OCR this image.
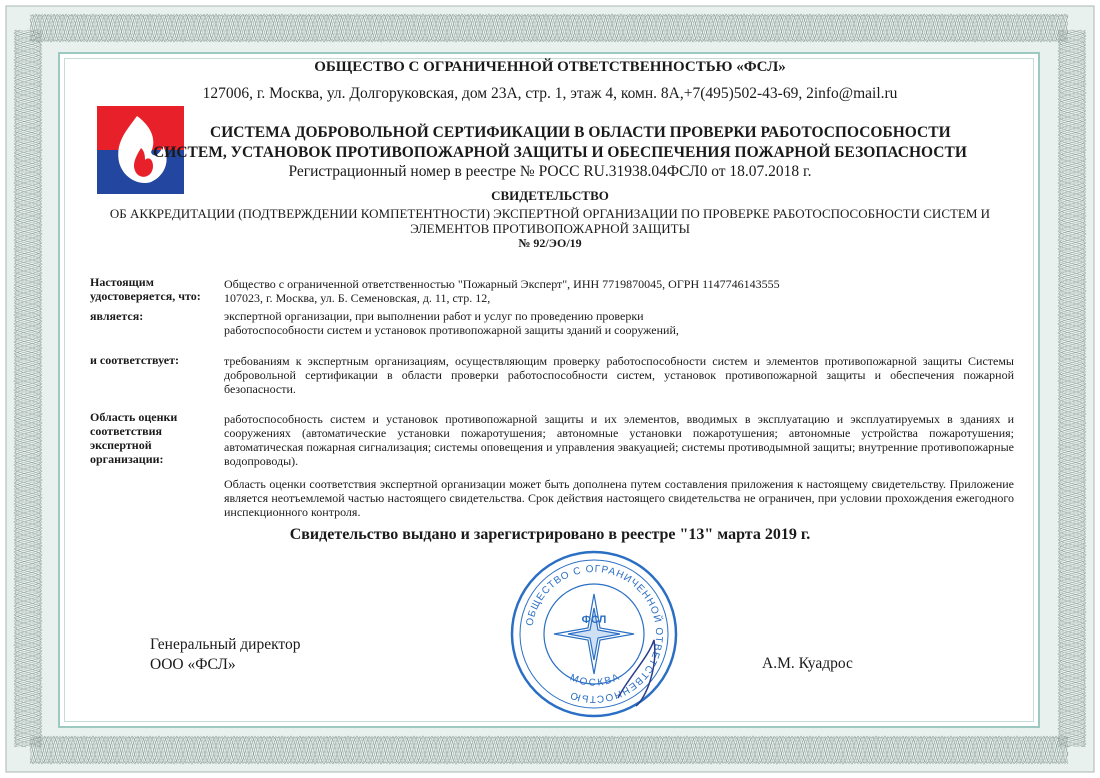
ОБЩЕСТВО С ОГРАНИЧЕННОЙ ОТВЕТСТВЕННОСТЬЮ «ФСЛ»
127006, г. Москва, ул. Долгоруковская, дом 23А, стр. 1, этаж 4, комн. 8А,+7(495)502-43-69, 2info@mail.ru
СИСТЕМА ДОБРОВОЛЬНОЙ СЕРТИФИКАЦИИ В ОБЛАСТИ ПРОВЕРКИ РАБОТОСПОСОБНОСТИ
СИСТЕМ, УСТАНОВОК ПРОТИВОПОЖАРНОЙ ЗАЩИТЫ И ОБЕСПЕЧЕНИЯ ПОЖАРНОЙ БЕЗОПАСНОСТИ
Регистрационный номер в реестре № РОСС RU.31938.04ФСЛ0 от 18.07.2018 г.
СВИДЕТЕЛЬСТВО
ОБ АККРЕДИТАЦИИ (ПОДТВЕРЖДЕНИИ КОМПЕТЕНТНОСТИ) ЭКСПЕРТНОЙ ОРГАНИЗАЦИИ ПО ПРОВЕРКЕ РАБОТОСПОСОБНОСТИ СИСТЕМ И
ЭЛЕМЕНТОВ ПРОТИВОПОЖАРНОЙ ЗАЩИТЫ
№ 92/ЭО/19
Настоящим
удостоверяется, что:
Общество с ограниченной ответственностью "Пожарный Эксперт", ИНН 7719870045, ОГРН 1147746143555
107023, г. Москва, ул. Б. Семеновская, д. 11, стр. 12,
является:	экспертной организации, при выполнении работ и услуг по проведению проверки
работоспособности систем и установок противопожарной защиты зданий и сооружений,
и соответствует:	требованиям к экспертным организациям, осуществляющим проверку работоспособности систем и элементов противопожарной защиты Системы добровольной сертификации в области проверки работоспособности систем, установок противопожарной защиты и обеспечения пожарной безопасности.
Область оценки
соответствия
экспертной
организации:
работоспособность систем и установок противопожарной защиты и их элементов, вводимых в эксплуатацию и эксплуатируемых в зданиях и сооружениях (автоматические установки пожаротушения; автономные установки пожаротушения; автономные устройства пожаротушения; автоматическая пожарная сигнализация; системы оповещения и управления эвакуацией; системы противодымной защиты; внутренние противопожарные водопроводы).
Область оценки соответствия экспертной организации может быть дополнена путем составления приложения к настоящему свидетельству. Приложение является неотъемлемой частью настоящего свидетельства. Срок действия настоящего свидетельства не ограничен, при условии прохождения ежегодного инспекционного контроля.
Свидетельство выдано и зарегистрировано в реестре "13" марта 2019 г.
Генеральный директор
ООО «ФСЛ»	А.М. Куадрос
ОБЩЕСТВО С ОГРАНИЧЕННОЙ ОТВЕТСТВЕННОСТЬЮ
ФСЛ
МОСКВА
